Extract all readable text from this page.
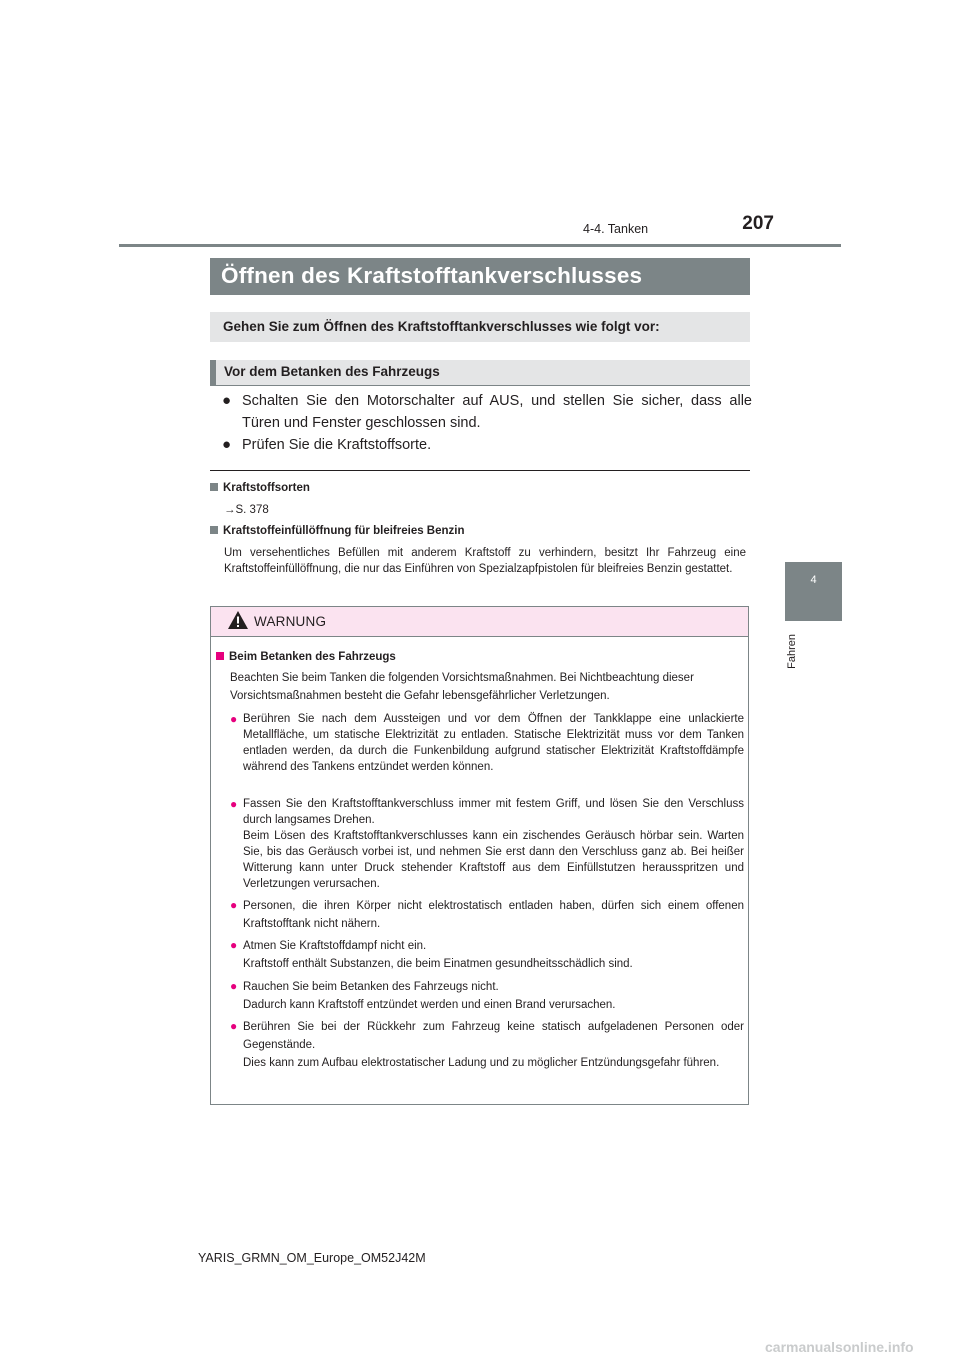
4-4. Tanken	207
4
Fahren
Öffnen des Kraftstofftankverschlusses
Gehen Sie zum Öffnen des Kraftstofftankverschlusses wie folgt vor:
Vor dem Betanken des Fahrzeugs
● Schalten Sie den Motorschalter auf AUS, und stellen Sie sicher, dass alle Türen und Fenster geschlossen sind.
● Prüfen Sie die Kraftstoffsorte.
Kraftstoffsorten
→S. 378
Kraftstoffeinfüllöffnung für bleifreies Benzin
Um versehentliches Befüllen mit anderem Kraftstoff zu verhindern, besitzt Ihr Fahrzeug eine Kraftstoffeinfüllöffnung, die nur das Einführen von Spezialzapfpistolen für bleifreies Benzin gestattet.
WARNUNG
Beim Betanken des Fahrzeugs
Beachten Sie beim Tanken die folgenden Vorsichtsmaßnahmen. Bei Nichtbeachtung dieser Vorsichtsmaßnahmen besteht die Gefahr lebensgefährlicher Verletzungen.
● Berühren Sie nach dem Aussteigen und vor dem Öffnen der Tankklappe eine unlackierte Metallfläche, um statische Elektrizität zu entladen. Statische Elektrizität muss vor dem Tanken entladen werden, da durch die Funkenbildung aufgrund statischer Elektrizität Kraftstoffdämpfe während des Tankens entzündet werden können.
● Fassen Sie den Kraftstofftankverschluss immer mit festem Griff, und lösen Sie den Verschluss durch langsames Drehen.
Beim Lösen des Kraftstofftankverschlusses kann ein zischendes Geräusch hörbar sein. Warten Sie, bis das Geräusch vorbei ist, und nehmen Sie erst dann den Verschluss ganz ab. Bei heißer Witterung kann unter Druck stehender Kraftstoff aus dem Einfüllstutzen herausspritzen und Verletzungen verursachen.
● Personen, die ihren Körper nicht elektrostatisch entladen haben, dürfen sich einem offenen Kraftstofftank nicht nähern.
● Atmen Sie Kraftstoffdampf nicht ein.
Kraftstoff enthält Substanzen, die beim Einatmen gesundheitsschädlich sind.
● Rauchen Sie beim Betanken des Fahrzeugs nicht.
Dadurch kann Kraftstoff entzündet werden und einen Brand verursachen.
● Berühren Sie bei der Rückkehr zum Fahrzeug keine statisch aufgeladenen Personen oder Gegenstände.
Dies kann zum Aufbau elektrostatischer Ladung und zu möglicher Entzündungsgefahr führen.
YARIS_GRMN_OM_Europe_OM52J42M
carmanualsonline.info
